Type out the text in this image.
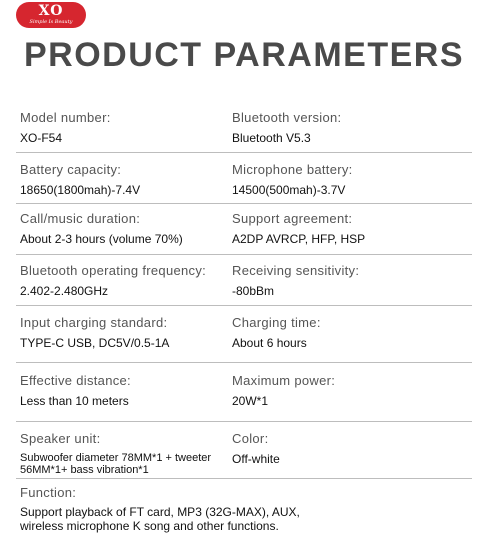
XO
Simple Is Beauty
PRODUCT PARAMETERS
Model number:
XO-F54
Bluetooth version:
Bluetooth V5.3
Battery capacity:
18650(1800mah)-7.4V
Microphone battery:
14500(500mah)-3.7V
Call/music duration:
About 2-3 hours (volume 70%)
Support agreement:
A2DP AVRCP, HFP, HSP
Bluetooth operating frequency:
2.402-2.480GHz
Receiving sensitivity:
-80bBm
Input charging standard:
TYPE-C USB, DC5V/0.5-1A
Charging time:
About 6 hours
Effective distance:
Less than 10 meters
Maximum power:
20W*1
Speaker unit:
Subwoofer diameter 78MM*1 + tweeter 56MM*1+ bass vibration*1
Color:
Off-white
Function:
Support playback of FT card, MP3 (32G-MAX), AUX, wireless microphone K song and other functions.
